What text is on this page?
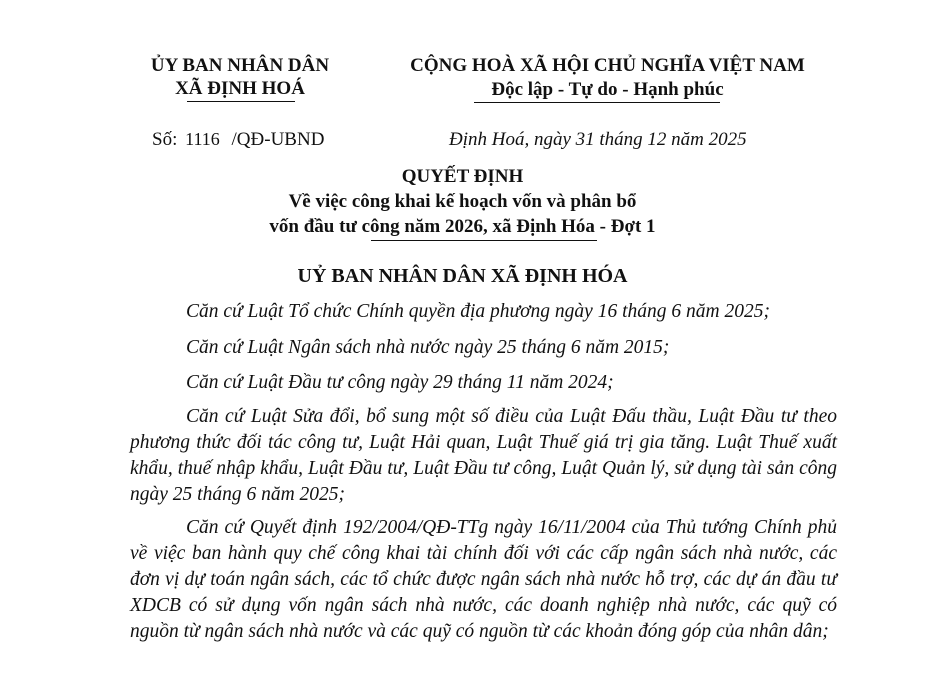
ỦY BAN NHÂN DÂN
XÃ ĐỊNH HOÁ
CỘNG HOÀ XÃ HỘI CHỦ NGHĨA VIỆT NAM
Độc lập - Tự do - Hạnh phúc
Số: 1116 /QĐ-UBND	Định Hoá, ngày 31 tháng 12 năm 2025
QUYẾT ĐỊNH
Về việc công khai kế hoạch vốn và phân bổ
vốn đầu tư công năm 2026, xã Định Hóa - Đợt 1
UỶ BAN NHÂN DÂN XÃ ĐỊNH HÓA
Căn cứ Luật Tổ chức Chính quyền địa phương ngày 16 tháng 6 năm 2025;
Căn cứ Luật Ngân sách nhà nước ngày 25 tháng 6 năm 2015;
Căn cứ Luật Đầu tư công ngày 29 tháng 11 năm 2024;
Căn cứ Luật Sửa đổi, bổ sung một số điều của Luật Đấu thầu, Luật Đầu tư theo phương thức đối tác công tư, Luật Hải quan, Luật Thuế giá trị gia tăng. Luật Thuế xuất khẩu, thuế nhập khẩu, Luật Đầu tư, Luật Đầu tư công, Luật Quản lý, sử dụng tài sản công ngày 25 tháng 6 năm 2025;
Căn cứ Quyết định 192/2004/QĐ-TTg ngày 16/11/2004 của Thủ tướng Chính phủ về việc ban hành quy chế công khai tài chính đối với các cấp ngân sách nhà nước, các đơn vị dự toán ngân sách, các tổ chức được ngân sách nhà nước hỗ trợ, các dự án đầu tư XDCB có sử dụng vốn ngân sách nhà nước, các doanh nghiệp nhà nước, các quỹ có nguồn từ ngân sách nhà nước và các quỹ có nguồn từ các khoản đóng góp của nhân dân;
